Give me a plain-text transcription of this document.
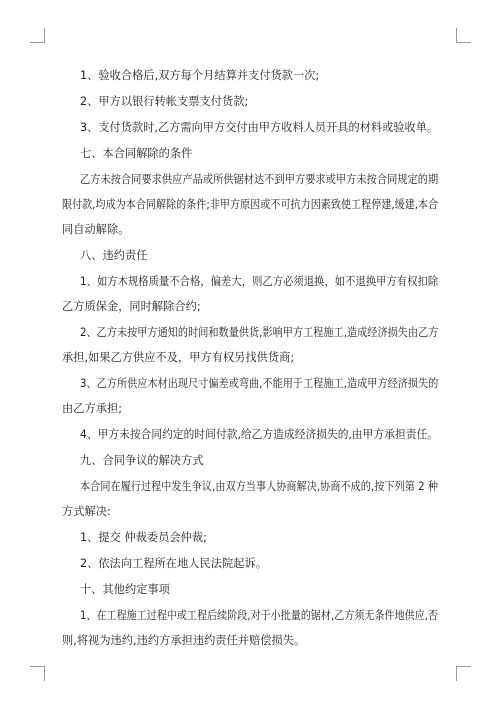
1、验收合格后,双方每个月结算并支付货款一次;
2、甲方以银行转帐支票支付货款;
3、支付货款时,乙方需向甲方交付由甲方收料人员开具的材料或验收单。
七、本合同解除的条件
乙方未按合同要求供应产品或所供锯材达不到甲方要求或甲方未按合同规定的期
限付款,均成为本合同解除的条件;非甲方原因或不可抗力因素致使工程停建,缓建,本合
同自动解除。
八、违约责任
1、如方木规格质量不合格，偏差大，则乙方必须退换，如不退换甲方有权扣除
乙方质保金，同时解除合约;
2、乙方未按甲方通知的时间和数量供货,影响甲方工程施工,造成经济损失由乙方
承担,如果乙方供应不及，甲方有权另找供货商;
3、乙方所供应木材出现尺寸偏差或弯曲,不能用于工程施工,造成甲方经济损失的
由乙方承担;
4、甲方未按合同约定的时间付款,给乙方造成经济损失的,由甲方承担责任。
九、合同争议的解决方式
本合同在履行过程中发生争议,由双方当事人协商解决,协商不成的,按下列第 2 种
方式解决:
1、提交 仲裁委员会仲裁;
2、依法向工程所在地人民法院起诉。
十、其他约定事项
1、在工程施工过程中或工程后续阶段,对于小批量的锯材,乙方须无条件地供应,否
则,将视为违约,违约方承担违约责任并赔偿损失。
